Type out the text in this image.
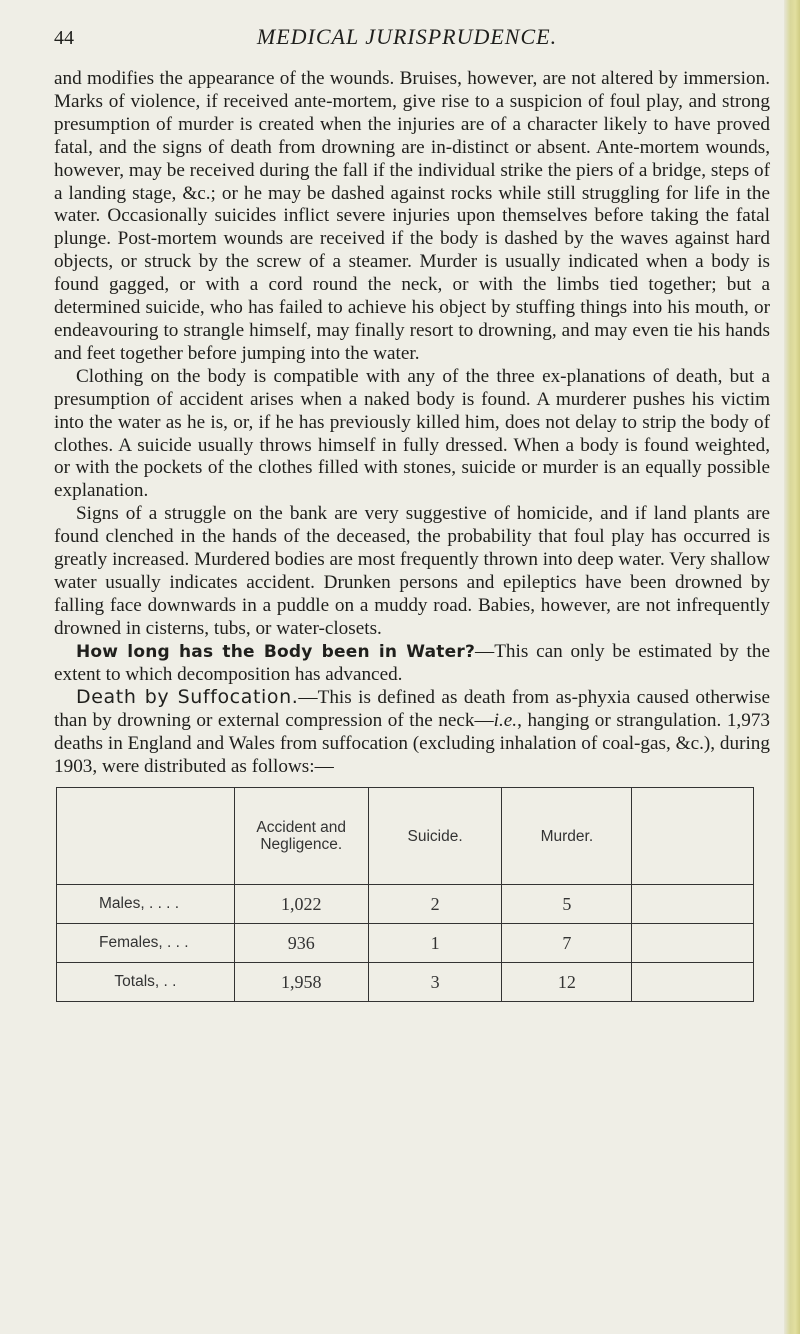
44	MEDICAL JURISPRUDENCE.

and modifies the appearance of the wounds. Bruises, however, are not altered by immersion. Marks of violence, if received ante-mortem, give rise to a suspicion of foul play, and strong presumption of murder is created when the injuries are of a character likely to have proved fatal, and the signs of death from drowning are in-distinct or absent. Ante-mortem wounds, however, may be received during the fall if the individual strike the piers of a bridge, steps of a landing stage, &c.; or he may be dashed against rocks while still struggling for life in the water. Occasionally suicides inflict severe injuries upon themselves before taking the fatal plunge. Post-mortem wounds are received if the body is dashed by the waves against hard objects, or struck by the screw of a steamer. Murder is usually indicated when a body is found gagged, or with a cord round the neck, or with the limbs tied together; but a determined suicide, who has failed to achieve his object by stuffing things into his mouth, or endeavouring to strangle himself, may finally resort to drowning, and may even tie his hands and feet together before jumping into the water.

Clothing on the body is compatible with any of the three ex-planations of death, but a presumption of accident arises when a naked body is found. A murderer pushes his victim into the water as he is, or, if he has previously killed him, does not delay to strip the body of clothes. A suicide usually throws himself in fully dressed. When a body is found weighted, or with the pockets of the clothes filled with stones, suicide or murder is an equally possible explanation.

Signs of a struggle on the bank are very suggestive of homicide, and if land plants are found clenched in the hands of the deceased, the probability that foul play has occurred is greatly increased. Murdered bodies are most frequently thrown into deep water. Very shallow water usually indicates accident. Drunken persons and epileptics have been drowned by falling face downwards in a puddle on a muddy road. Babies, however, are not infrequently drowned in cisterns, tubs, or water-closets.

How long has the Body been in Water?—This can only be estimated by the extent to which decomposition has advanced.

Death by Suffocation.—This is defined as death from as-phyxia caused otherwise than by drowning or external compression of the neck—i.e., hanging or strangulation. 1,973 deaths in England and Wales from suffocation (excluding inhalation of coal-gas, &c.), during 1903, were distributed as follows:—

	Accident and Negligence.	Suicide.	Murder.	
Males, . . . .	1,022	2	5	
Females, . . .	936	1	7	
Totals, . .	1,958	3	12	
